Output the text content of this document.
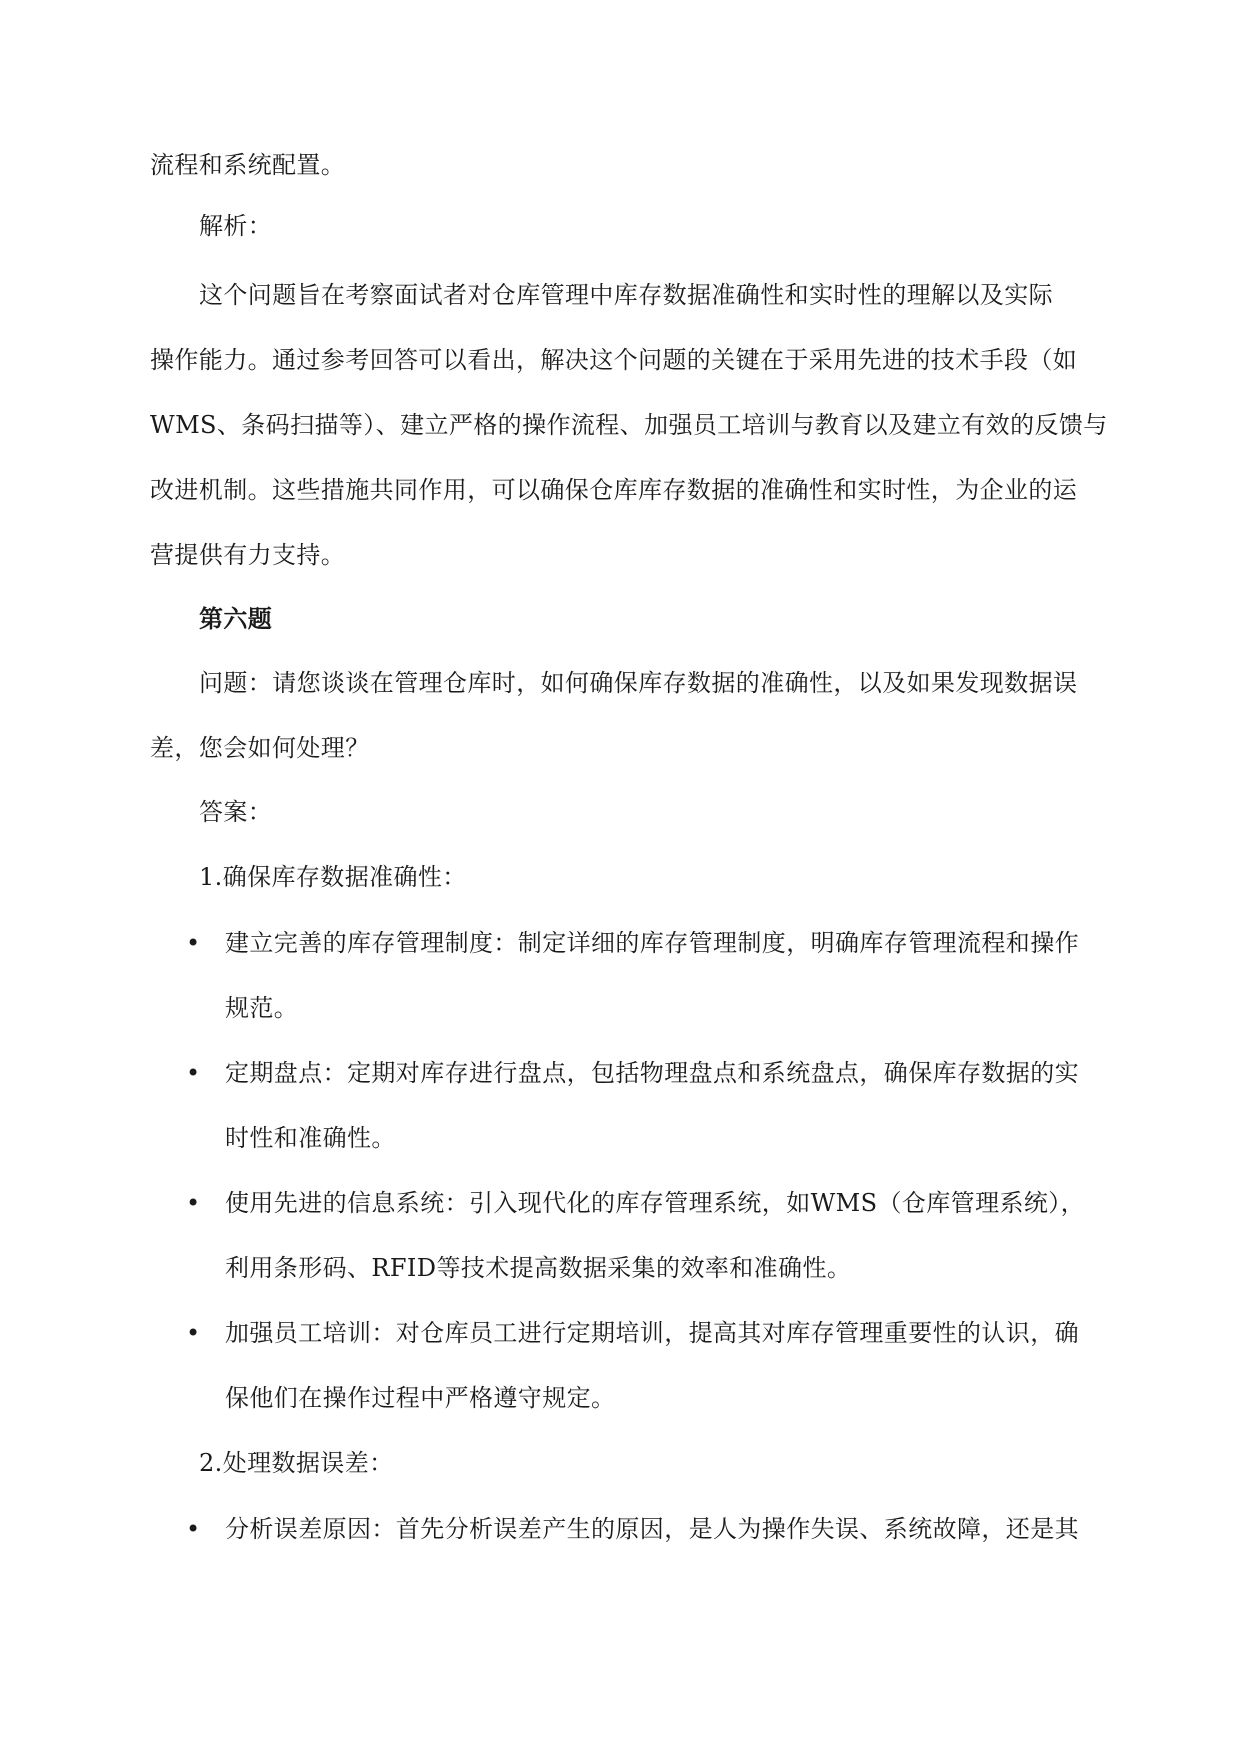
流程和系统配置。
解析：
这个问题旨在考察面试者对仓库管理中库存数据准确性和实时性的理解以及实际
操作能力。通过参考回答可以看出，解决这个问题的关键在于采用先进的技术手段（如
WMS、条码扫描等）、建立严格的操作流程、加强员工培训与教育以及建立有效的反馈与
改进机制。这些措施共同作用，可以确保仓库库存数据的准确性和实时性，为企业的运
营提供有力支持。
第六题
问题：请您谈谈在管理仓库时，如何确保库存数据的准确性，以及如果发现数据误
差，您会如何处理？
答案：
1.确保库存数据准确性：
• 建立完善的库存管理制度：制定详细的库存管理制度，明确库存管理流程和操作
规范。
• 定期盘点：定期对库存进行盘点，包括物理盘点和系统盘点，确保库存数据的实
时性和准确性。
• 使用先进的信息系统：引入现代化的库存管理系统，如WMS（仓库管理系统），
利用条形码、RFID等技术提高数据采集的效率和准确性。
• 加强员工培训：对仓库员工进行定期培训，提高其对库存管理重要性的认识，确
保他们在操作过程中严格遵守规定。
2.处理数据误差：
• 分析误差原因：首先分析误差产生的原因，是人为操作失误、系统故障，还是其
